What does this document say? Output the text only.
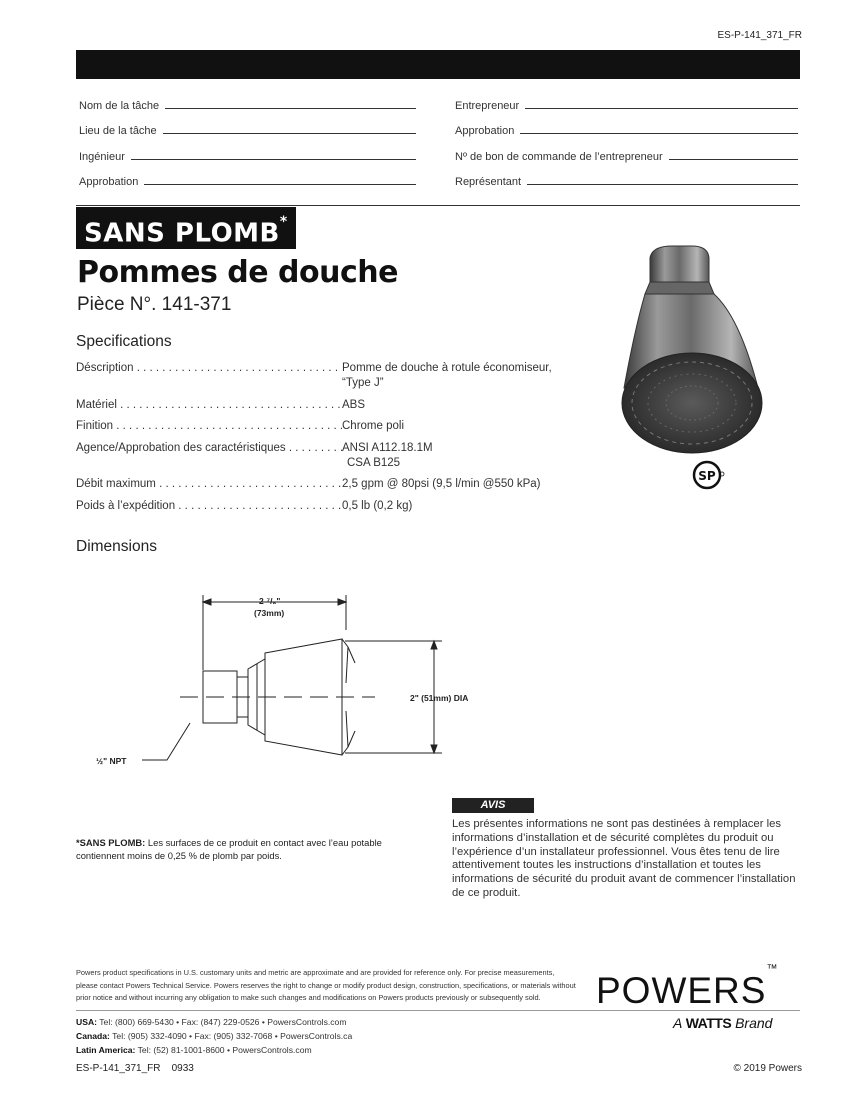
ES-P-141_371_FR
Nom de la tâche
Lieu de la tâche
Ingénieur
Approbation
Entrepreneur
Approbation
Nº de bon de commande de l’entrepreneur
Représentant
SANS PLOMB*
Pommes de douche
Pièce N°. 141-371
SP
Specifications
Déscription . . .	Pomme de douche à rotule économiseur,
“Type J”
Matériel . . .	ABS
Finition . . .	Chrome poli
Agence/Approbation des caractéristiques . . .	ANSI A112.18.1M
CSA B125
Débit maximum . . .	2,5 gpm @ 80psi (9,5 l/min @550 kPa)
Poids à l’expédition . . .	0,5 lb (0,2 kg)
Dimensions
2-⁷/₈"
(73mm)
2" (51mm) DIA
½" NPT
*SANS PLOMB: Les surfaces de ce produit en contact avec l’eau potable contiennent moins de 0,25 % de plomb par poids.
AVIS
Les présentes informations ne sont pas destinées à remplacer les informations d’installation et de sécurité complètes du produit ou l’expérience d’un installateur professionnel. Vous êtes tenu de lire attentivement toutes les instructions d’installation et toutes les informations de sécurité du produit avant de commencer l’installation de ce produit.
Powers product specifications in U.S. customary units and metric are approximate and are provided for reference only. For precise measurements, please contact Powers Technical Service. Powers reserves the right to change or modify product design, construction, specifications, or materials without prior notice and without incurring any obligation to make such changes and modifications on Powers products previously or subsequently sold.	POWERS™
A WATTS Brand
USA: Tel: (800) 669-5430 • Fax: (847) 229-0526 • PowersControls.com
Canada: Tel: (905) 332-4090 • Fax: (905) 332-7068 • PowersControls.ca
Latin America: Tel: (52) 81-1001-8600 • PowersControls.com
ES-P-141_371_FR 0933	© 2019 Powers
